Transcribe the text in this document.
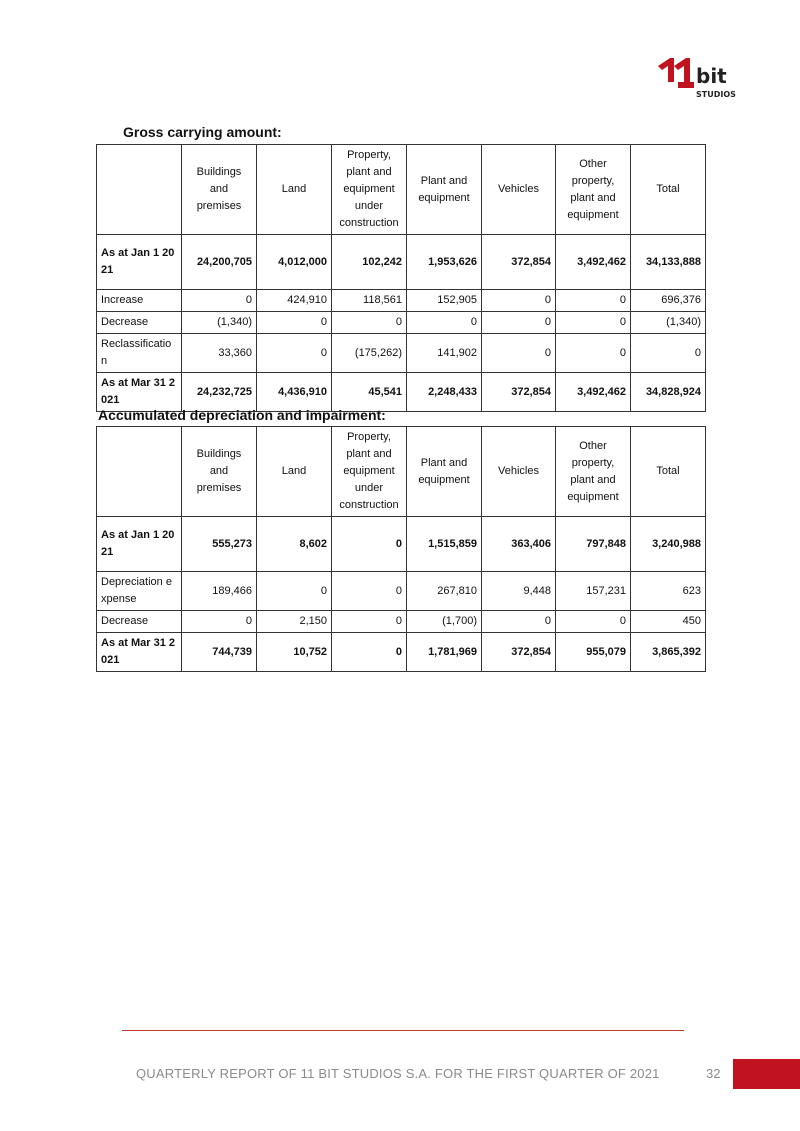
bit
STUDIOS
Gross carrying amount:
	Buildings and premises	Land	Property, plant and equipment under construction	Plant and equipment	Vehicles	Other property, plant and equipment	Total
As at Jan 1 2021	24,200,705	4,012,000	102,242	1,953,626	372,854	3,492,462	34,133,888
Increase	0	424,910	118,561	152,905	0	0	696,376
Decrease	(1,340)	0	0	0	0	0	(1,340)
Reclassification	33,360	0	(175,262)	141,902	0	0	0
As at Mar 31 2021	24,232,725	4,436,910	45,541	2,248,433	372,854	3,492,462	34,828,924
Accumulated depreciation and impairment:
	Buildings and premises	Land	Property, plant and equipment under construction	Plant and equipment	Vehicles	Other property, plant and equipment	Total
As at Jan 1 2021	555,273	8,602	0	1,515,859	363,406	797,848	3,240,988
Depreciation expense	189,466	0	0	267,810	9,448	157,231	623
Decrease	0	2,150	0	(1,700)	0	0	450
As at Mar 31 2021	744,739	10,752	0	1,781,969	372,854	955,079	3,865,392
QUARTERLY REPORT OF 11 BIT STUDIOS S.A. FOR THE FIRST QUARTER OF 2021	32
